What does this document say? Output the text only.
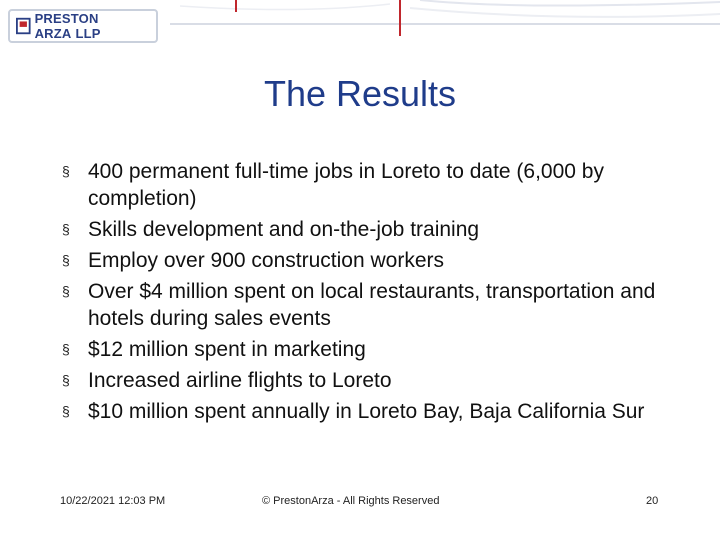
PRESTON ARZA LLP
The Results
§ 400 permanent full-time jobs in Loreto to date (6,000 by completion)
§ Skills development and on-the-job training
§ Employ over 900 construction workers
§ Over $4 million spent on local restaurants, transportation and hotels during sales events
§ $12 million spent in marketing
§ Increased airline flights to Loreto
§ $10 million spent annually in Loreto Bay, Baja California Sur
10/22/2021 12:03 PM	© PrestonArza - All Rights Reserved	20
